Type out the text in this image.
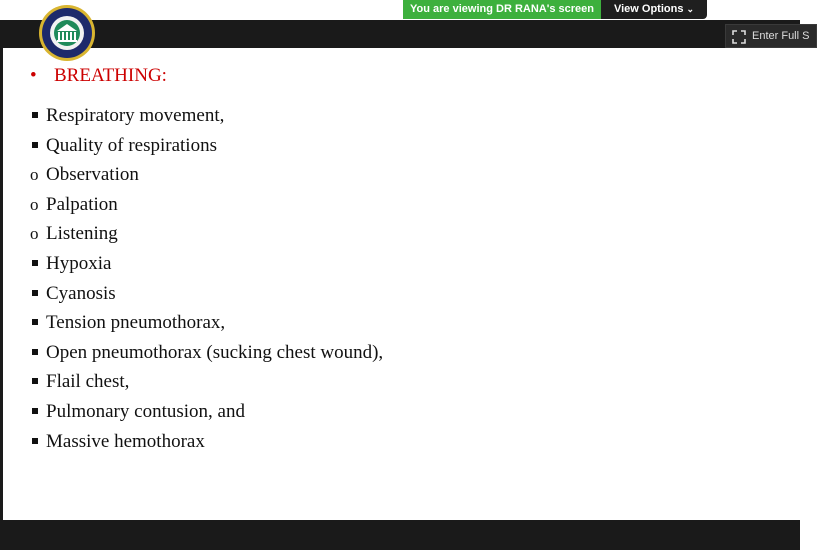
You are viewing DR RANA's screen	View Options ⌄
Enter Full S
• BREATHING:
Respiratory movement,
Quality of respirations
o Observation
o Palpation
o Listening
Hypoxia
Cyanosis
Tension pneumothorax,
Open pneumothorax (sucking chest wound),
Flail chest,
Pulmonary contusion, and
Massive hemothorax
